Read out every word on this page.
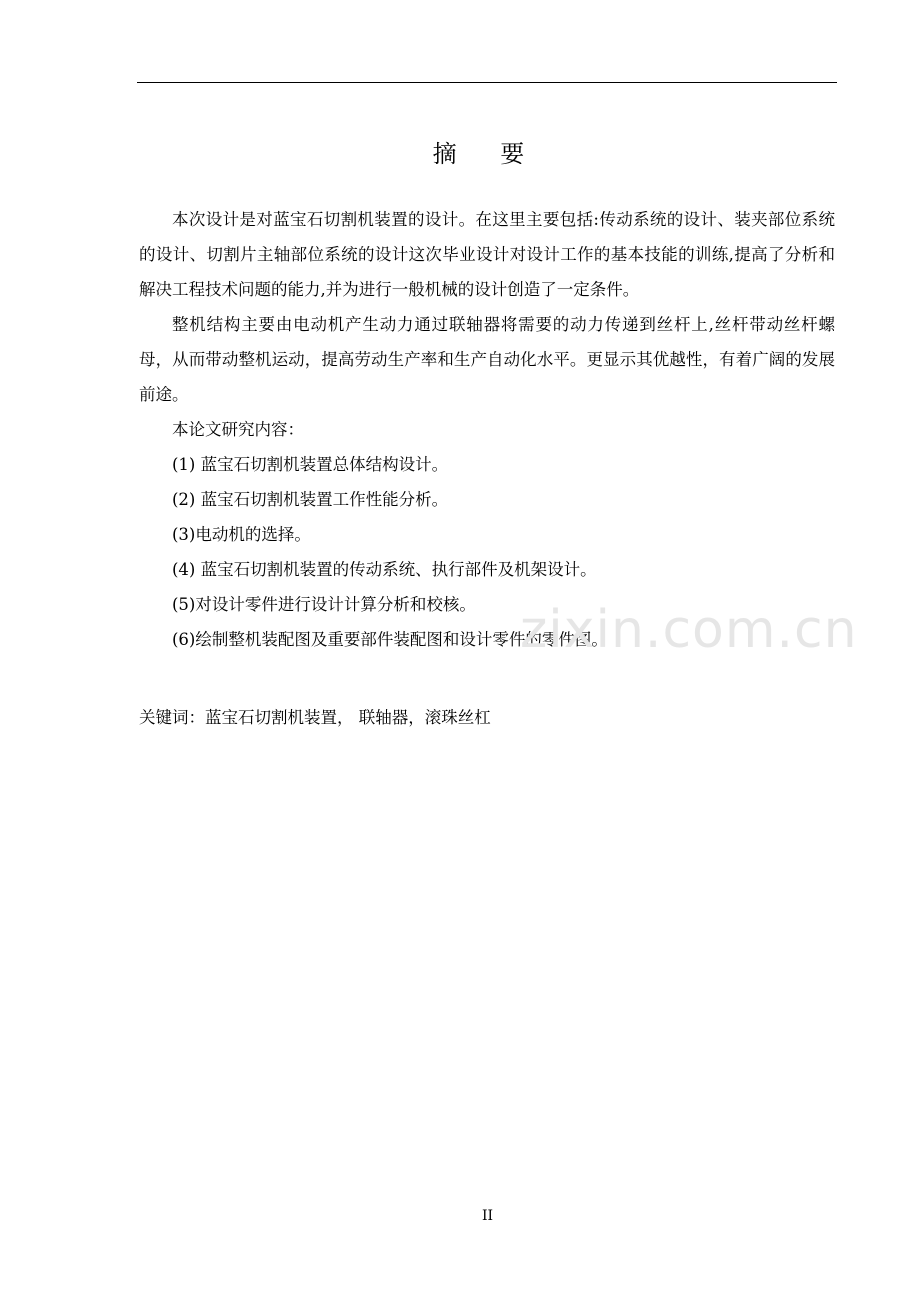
摘 要

本次设计是对蓝宝石切割机装置的设计。在这里主要包括:传动系统的设计、装夹部位系统的设计、切割片主轴部位系统的设计这次毕业设计对设计工作的基本技能的训练,提高了分析和解决工程技术问题的能力,并为进行一般机械的设计创造了一定条件。

整机结构主要由电动机产生动力通过联轴器将需要的动力传递到丝杆上,丝杆带动丝杆螺母，从而带动整机运动，提高劳动生产率和生产自动化水平。更显示其优越性，有着广阔的发展前途。

本论文研究内容：

(1) 蓝宝石切割机装置总体结构设计。

(2) 蓝宝石切割机装置工作性能分析。

(3)电动机的选择。

(4) 蓝宝石切割机装置的传动系统、执行部件及机架设计。

(5)对设计零件进行设计计算分析和校核。

(6)绘制整机装配图及重要部件装配图和设计零件的零件图。

zixin.com.cn
关键词：蓝宝石切割机装置， 联轴器，滚珠丝杠
II
